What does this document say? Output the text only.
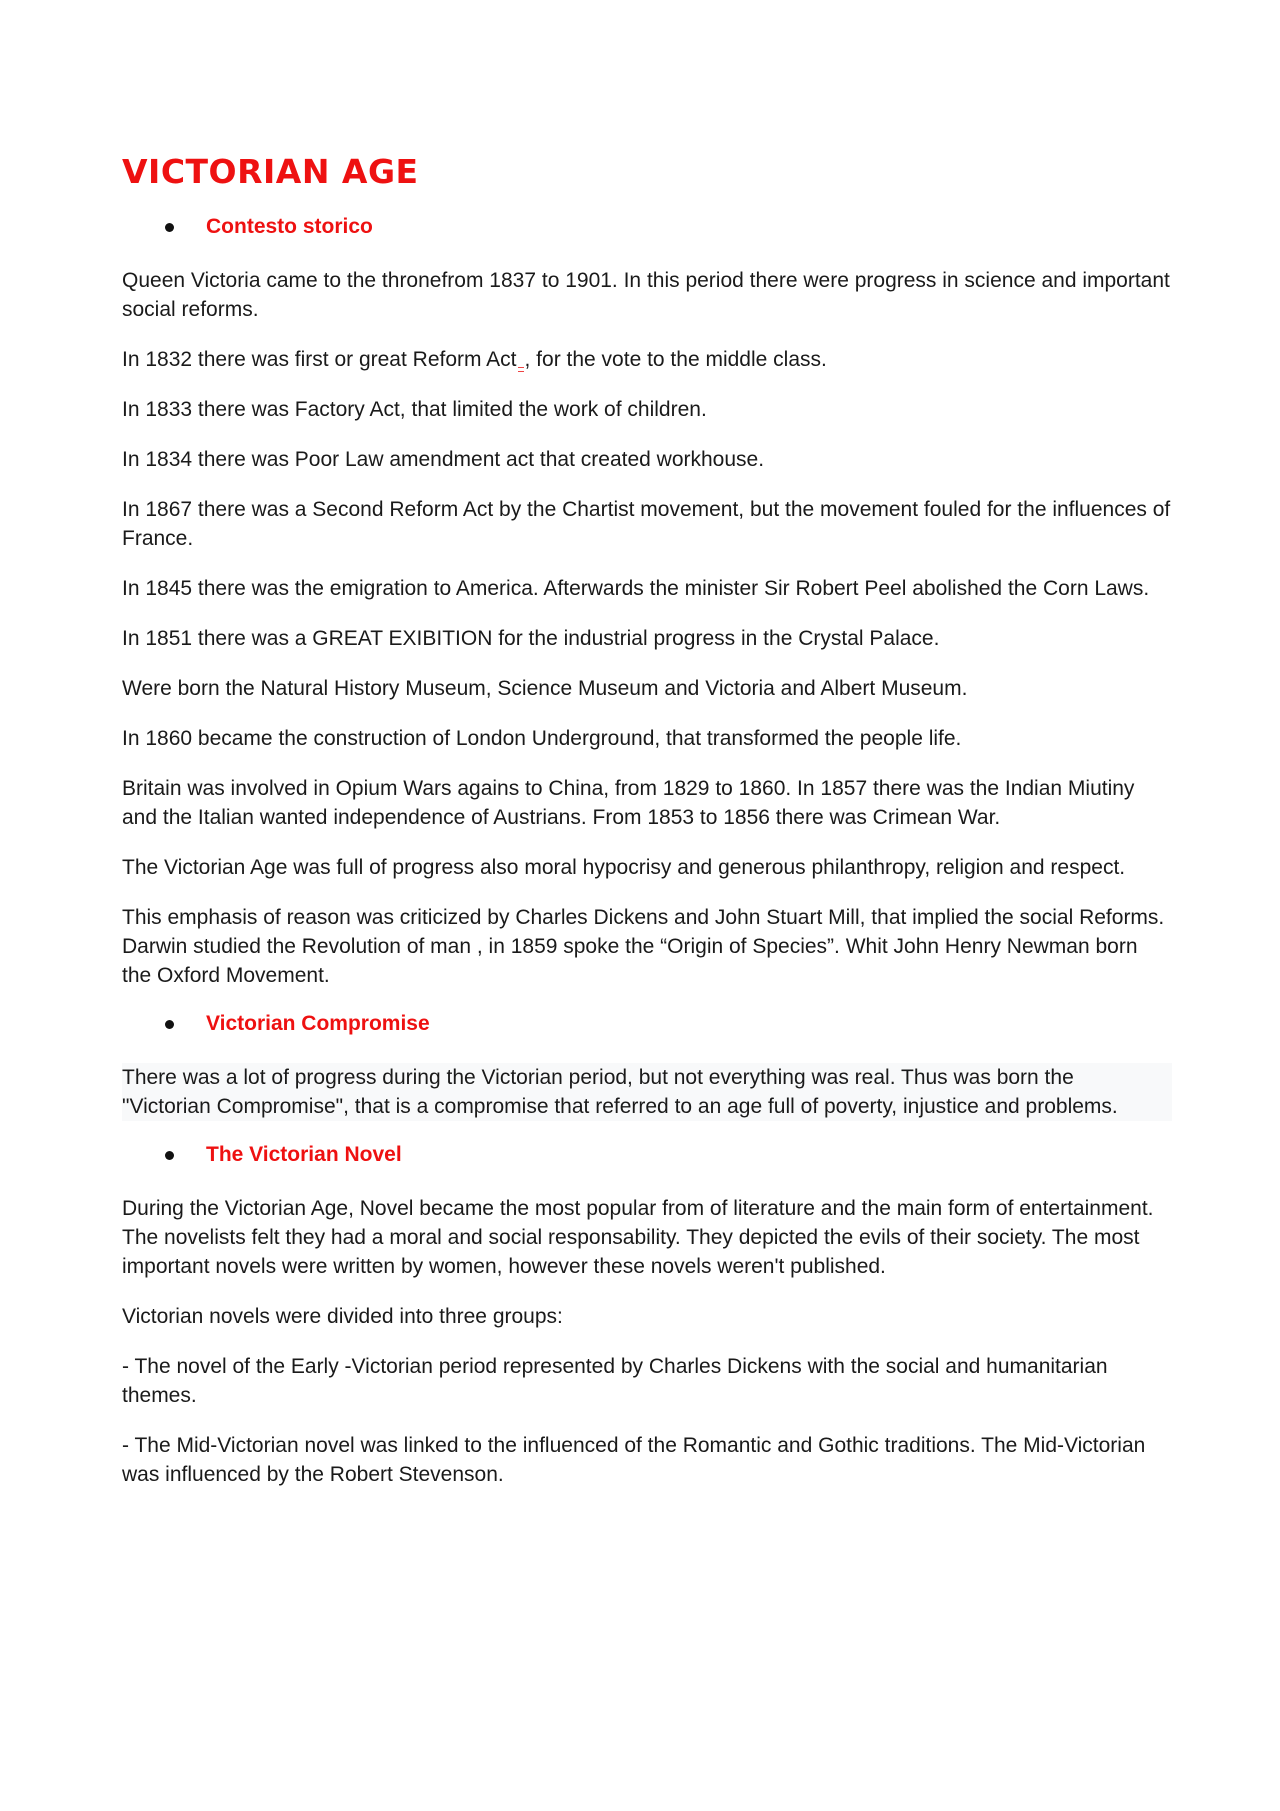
VICTORIAN AGE
Contesto storico

Queen Victoria came to the thronefrom 1837 to 1901. In this period there were progress in science and important social reforms.

In 1832 there was first or great Reform Act , for the vote to the middle class.

In 1833 there was Factory Act, that limited the work of children.

In 1834 there was Poor Law amendment act that created workhouse.

In 1867 there was a Second Reform Act by the Chartist movement, but the movement fouled for the influences of France.

In 1845 there was the emigration to America. Afterwards the minister Sir Robert Peel abolished the Corn Laws.

In 1851 there was a GREAT EXIBITION for the industrial progress in the Crystal Palace.

Were born the Natural History Museum, Science Museum and Victoria and Albert Museum.

In 1860 became the construction of London Underground, that transformed the people life.

Britain was involved in Opium Wars agains to China, from 1829 to 1860. In 1857 there was the Indian Miutiny and the Italian wanted independence of Austrians. From 1853 to 1856 there was Crimean War.

The Victorian Age was full of progress also moral hypocrisy and generous philanthropy, religion and respect.

This emphasis of reason was criticized by Charles Dickens and John Stuart Mill, that implied the social Reforms. Darwin studied the Revolution of man , in 1859 spoke the “Origin of Species”. Whit John Henry Newman born the Oxford Movement.

Victorian Compromise

There was a lot of progress during the Victorian period, but not everything was real. Thus was born the "Victorian Compromise", that is a compromise that referred to an age full of poverty, injustice and problems.

The Victorian Novel

During the Victorian Age, Novel became the most popular from of literature and the main form of entertainment. The novelists felt they had a moral and social responsability. They depicted the evils of their society. The most important novels were written by women, however these novels weren't published.

Victorian novels were divided into three groups:

- The novel of the Early -Victorian period represented by Charles Dickens with the social and humanitarian themes.

- The Mid-Victorian novel was linked to the influenced of the Romantic and Gothic traditions. The Mid-Victorian was influenced by the Robert Stevenson.
